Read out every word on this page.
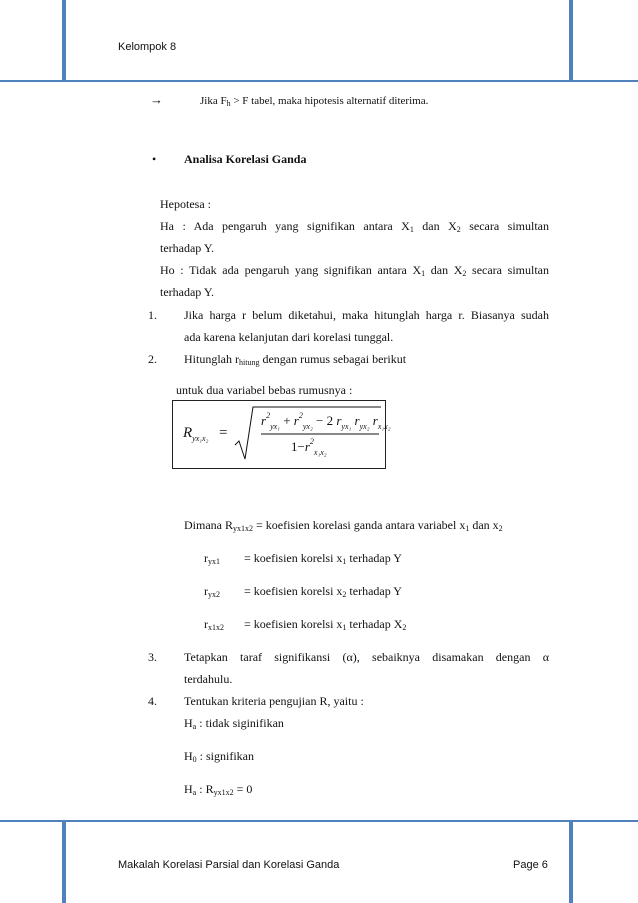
Kelompok 8
→	Jika $F_h > F$ tabel, maka hipotesis alternatif diterima.
• Analisa Korelasi Ganda
Hepotesa :
Ha : Ada pengaruh yang signifikan antara $X_1$ dan $X_2$ secara simultan
terhadap Y.
Ho : Tidak ada pengaruh yang signifikan antara $X_1$ dan $X_2$ secara simultan
terhadap Y.
1. Jika harga r belum diketahui, maka hitunglah harga r. Biasanya sudah
ada karena kelanjutan dari korelasi tunggal.
2. Hitunglah $r_{hitung}$ dengan rumus sebagai berikut
untuk dua variabel bebas rumusnya :
$R_{yx_1x_2}$ =
$r^2_{yx_1} + r^2_{yx_2} - 2$ $r_{yx_1}$ $r_{yx_2}$ $r_{x_1x_2}$
$1-r^2_{x_1x_2}$
Dimana $R_{yx1x2}$ = koefisien korelasi ganda antara variabel $x_1$ dan $x_2$
$r_{yx1}$ = koefisien korelsi $x_1$ terhadap Y
$r_{yx2}$ = koefisien korelsi $x_2$ terhadap Y
$r_{x1x2}$ = koefisien korelsi $x_1$ terhadap $X_2$
3. Tetapkan taraf signifikansi (α), sebaiknya disamakan dengan α
terdahulu.
4. Tentukan kriteria pengujian R, yaitu :
$H_a$ : tidak siginifikan
$H_0$ : signifikan
$H_a$ : $R_{yx1x2} = 0$
Makalah Korelasi Parsial dan Korelasi Ganda	Page 6
